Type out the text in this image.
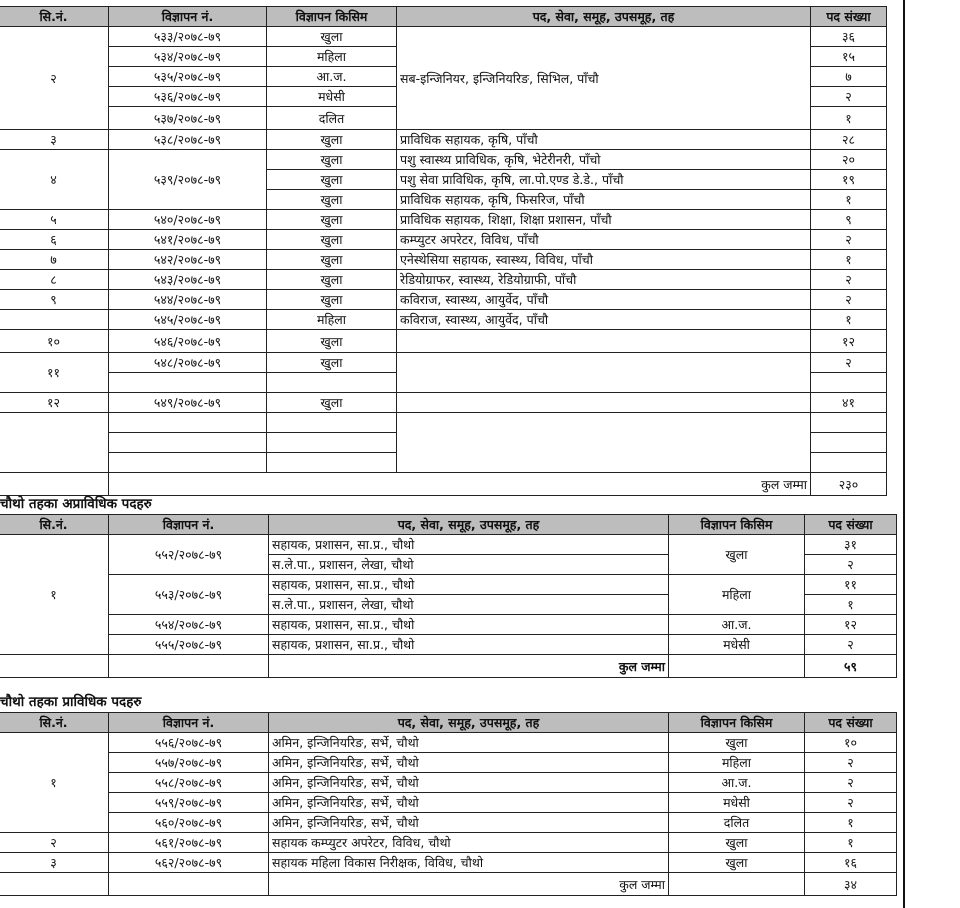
सि.नं.	विज्ञापन नं.	विज्ञापन किसिम	पद, सेवा, समूह, उपसमूह, तह	पद संख्या
२	५३३/२०७८-७९	खुला	सब-इन्जिनियर, इन्जिनियरिङ, सिभिल, पाँचौ	३६
	५३४/२०७८-७९	महिला		१५
	५३५/२०७८-७९	आ.ज.		७
	५३६/२०७८-७९	मधेसी		२
	५३७/२०७८-७९	दलित		१
३	५३८/२०७८-७९	खुला	प्राविधिक सहायक, कृषि, पाँचौ	२८
४	५३९/२०७८-७९	खुला	पशु स्वास्थ्य प्राविधिक, कृषि, भेटेरीनरी, पाँचो	२०
		खुला	पशु सेवा प्राविधिक, कृषि, ला.पो.एण्ड डे.डे., पाँचौ	१९
		खुला	प्राविधिक सहायक, कृषि, फिसरिज, पाँचौ	१
५	५४०/२०७८-७९	खुला	प्राविधिक सहायक, शिक्षा, शिक्षा प्रशासन, पाँचौ	९
६	५४१/२०७८-७९	खुला	कम्प्युटर अपरेटर, विविध, पाँचौ	२
७	५४२/२०७८-७९	खुला	एनेस्थेसिया सहायक, स्वास्थ्य, विविध, पाँचौ	१
८	५४३/२०७८-७९	खुला	रेडियोग्राफर, स्वास्थ्य, रेडियोग्राफी, पाँचौ	२
९	५४४/२०७८-७९	खुला	कविराज, स्वास्थ्य, आयुर्वेद, पाँचौ	२
	५४५/२०७८-७९	महिला	कविराज, स्वास्थ्य, आयुर्वेद, पाँचौ	१
१०	५४६/२०७८-७९	खुला		१२
११	५४८/२०७८-७९	खुला		२

१२	५४९/२०७८-७९	खुला		४१

	कुल जम्मा			२३०
चौथो तहका अप्राविधिक पदहरु
सि.नं.	विज्ञापन नं.	पद, सेवा, समूह, उपसमूह, तह	विज्ञापन किसिम	पद संख्या
१	५५२/२०७८-७९	सहायक, प्रशासन, सा.प्र., चौथो	खुला	३१
		स.ले.पा., प्रशासन, लेखा, चौथो		२
	५५३/२०७८-७९	सहायक, प्रशासन, सा.प्र., चौथो	महिला	११
		स.ले.पा., प्रशासन, लेखा, चौथो		१
	५५४/२०७८-७९	सहायक, प्रशासन, सा.प्र., चौथो	आ.ज.	१२
	५५५/२०७८-७९	सहायक, प्रशासन, सा.प्र., चौथो	मधेसी	२
		कुल जम्मा		५९
चौथो तहका प्राविधिक पदहरु
सि.नं.	विज्ञापन नं.	पद, सेवा, समूह, उपसमूह, तह	विज्ञापन किसिम	पद संख्या
१	५५६/२०७८-७९	अमिन, इन्जिनियरिङ, सर्भे, चौथो	खुला	१०
	५५७/२०७८-७९	अमिन, इन्जिनियरिङ, सर्भे, चौथो	महिला	२
	५५८/२०७८-७९	अमिन, इन्जिनियरिङ, सर्भे, चौथो	आ.ज.	२
	५५९/२०७८-७९	अमिन, इन्जिनियरिङ, सर्भे, चौथो	मधेसी	२
	५६०/२०७८-७९	अमिन, इन्जिनियरिङ, सर्भे, चौथो	दलित	१
२	५६१/२०७८-७९	सहायक कम्प्युटर अपरेटर, विविध, चौथो	खुला	१
३	५६२/२०७८-७९	सहायक महिला विकास निरीक्षक, विविध, चौथो	खुला	१६
		कुल जम्मा		३४
